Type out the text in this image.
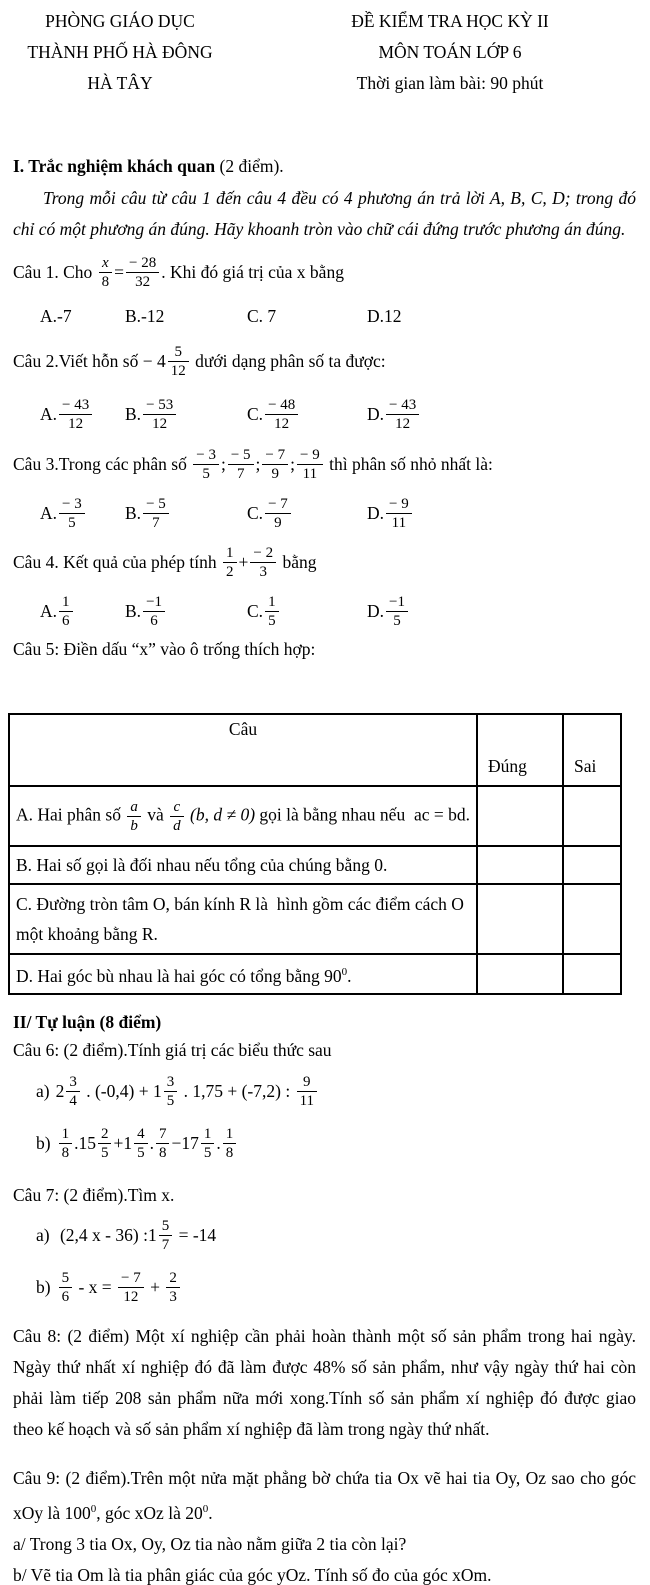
PHÒNG GIÁO DỤC
THÀNH PHỐ HÀ ĐÔNG
HÀ TÂY
ĐỀ KIỂM TRA HỌC KỲ II
MÔN TOÁN LỚP 6
Thời gian làm bài: 90 phút
I. Trắc nghiệm khách quan (2 điểm).
Trong mỗi câu từ câu 1 đến câu 4 đều có 4 phương án trả lời A, B, C, D; trong đó chỉ có một phương án đúng. Hãy khoanh tròn vào chữ cái đứng trước phương án đúng.
Câu 1. Cho $\frac{x}{8} = \frac{- 28}{32}$ . Khi đó giá trị của x bằng
A.-7	B.-12	C. 7	D.12
Câu 2.Viết hỗn số − $4 \frac{5}{12}$ dưới dạng phân số ta được:
A. $\frac{- 43}{12} B$. $\frac{- 53}{12}$	C. $\frac{- 48}{12}$	D. $\frac{- 43}{12}$
Câu 3.Trong các phân số $\frac{- 3}{5}$ ; $\frac{- 5}{7}$ ; $\frac{- 7}{9}$ ; $\frac{- 9}{11}$ thì phân số nhỏ nhất là:
A. $\frac{- 3}{5} B$. $\frac{- 5}{7}$	C. $\frac{- 7}{9}$	D. $\frac{- 9}{11}$
Câu 4. Kết quả của phép tính $\frac{1}{2} + \frac{- 2}{3}$ bằng
A. $\frac{1}{6}$	B. $\frac{-1}{6}$	C. $\frac{1}{5}$	D. $\frac{-1}{5}$
Câu 5: Điền dấu “x” vào ô trống thích hợp:
Câu	Đúng	Sai
A. Hai phân số $\frac{a}{b}$ và $\frac{c}{d} (b$, d ≠ 0) gọi là bằng nhau nếu  ac = bd.		
B. Hai số gọi là đối nhau nếu tổng của chúng bằng 0.		
C. Đường tròn tâm O, bán kính R là  hình gồm các điểm cách O một khoảng bằng R.		
D. Hai góc bù nhau là hai góc có tổng bằng $90^0$.		
II/ Tự luận (8 điểm)
Câu 6: (2 điểm).Tính giá trị các biểu thức sau
a) $2 \frac{3}{4}$ . $(-0,4) + 1 \frac{3}{5}$ . 1,75 + (-7,2) : $\frac{9}{11}$
$b) \frac{1}{8} .15 \frac{2}{5} +1 \frac{4}{5}$ . $\frac{7}{8} -17 \frac{1}{5}$ . $\frac{1}{8}$
Câu 7: (2 điểm).Tìm x.
a) (2,4 x - 36) :1 $\frac{5}{7} = -14$
$b) \frac{5}{6} - x = \frac{- 7}{12} + \frac{2}{3}$
Câu 8: (2 điểm) Một xí nghiệp cần phải hoàn thành một số sản phẩm trong hai ngày. Ngày thứ nhất xí nghiệp đó đã làm được 48% số sản phẩm, như vậy ngày thứ hai còn phải làm tiếp 208 sản phẩm nữa mới xong.Tính số sản phẩm xí nghiệp đó được giao theo kế hoạch và số sản phẩm xí nghiệp đã làm trong ngày thứ nhất.
Câu 9: (2 điểm).Trên một nửa mặt phẳng bờ chứa tia Ox vẽ hai tia Oy, Oz sao cho góc xOy là $100^0$, góc xOz là $20^0$.
a/ Trong 3 tia Ox, Oy, Oz tia nào nằm giữa 2 tia còn lại?
b/ Vẽ tia Om là tia phân giác của góc yOz. Tính số đo của góc xOm.
